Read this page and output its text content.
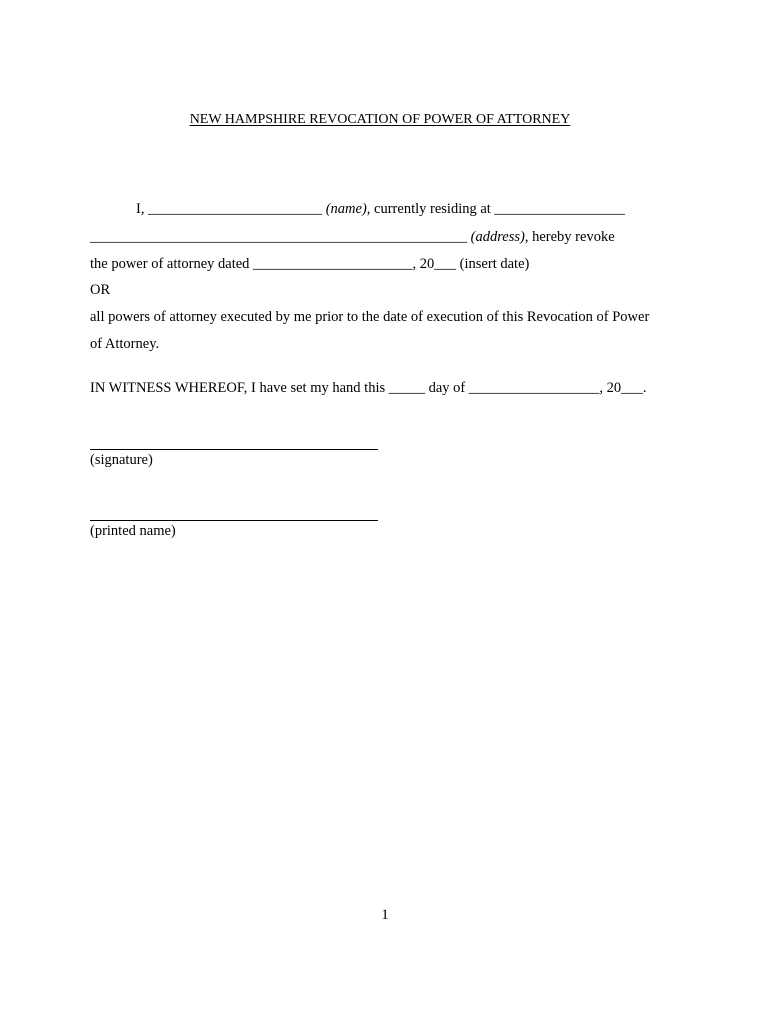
NEW HAMPSHIRE REVOCATION OF POWER OF ATTORNEY
I, ________________________ (name), currently residing at __________________
____________________________________________________ (address), hereby revoke
the power of attorney dated ______________________, 20___ (insert date)
OR
all powers of attorney executed by me prior to the date of execution of this Revocation of Power
of Attorney.
IN WITNESS WHEREOF, I have set my hand this _____ day of __________________, 20___.
(signature)
(printed name)
1
